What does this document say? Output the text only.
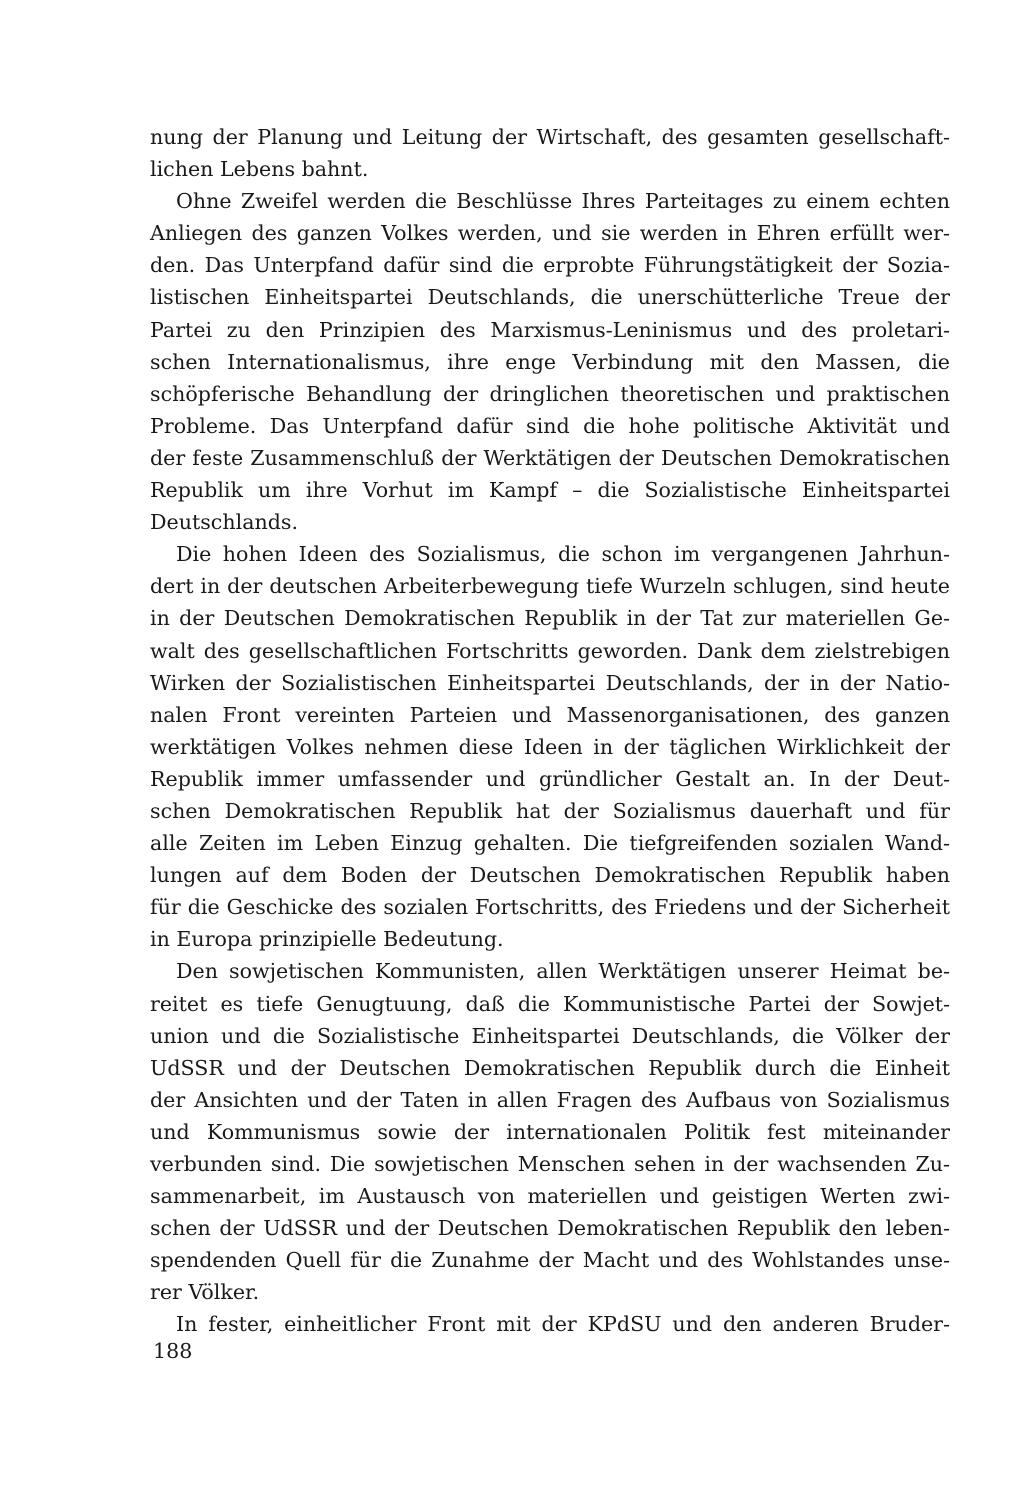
nung der Planung und Leitung der Wirtschaft, des gesamten gesellschaft-
lichen Lebens bahnt.
Ohne Zweifel werden die Beschlüsse Ihres Parteitages zu einem echten
Anliegen des ganzen Volkes werden, und sie werden in Ehren erfüllt wer-
den. Das Unterpfand dafür sind die erprobte Führungstätigkeit der Sozia-
listischen Einheitspartei Deutschlands, die unerschütterliche Treue der
Partei zu den Prinzipien des Marxismus-Leninismus und des proletari-
schen Internationalismus, ihre enge Verbindung mit den Massen, die
schöpferische Behandlung der dringlichen theoretischen und praktischen
Probleme. Das Unterpfand dafür sind die hohe politische Aktivität und
der feste Zusammenschluß der Werktätigen der Deutschen Demokratischen
Republik um ihre Vorhut im Kampf – die Sozialistische Einheitspartei
Deutschlands.
Die hohen Ideen des Sozialismus, die schon im vergangenen Jahrhun-
dert in der deutschen Arbeiterbewegung tiefe Wurzeln schlugen, sind heute
in der Deutschen Demokratischen Republik in der Tat zur materiellen Ge-
walt des gesellschaftlichen Fortschritts geworden. Dank dem zielstrebigen
Wirken der Sozialistischen Einheitspartei Deutschlands, der in der Natio-
nalen Front vereinten Parteien und Massenorganisationen, des ganzen
werktätigen Volkes nehmen diese Ideen in der täglichen Wirklichkeit der
Republik immer umfassender und gründlicher Gestalt an. In der Deut-
schen Demokratischen Republik hat der Sozialismus dauerhaft und für
alle Zeiten im Leben Einzug gehalten. Die tiefgreifenden sozialen Wand-
lungen auf dem Boden der Deutschen Demokratischen Republik haben
für die Geschicke des sozialen Fortschritts, des Friedens und der Sicherheit
in Europa prinzipielle Bedeutung.
Den sowjetischen Kommunisten, allen Werktätigen unserer Heimat be-
reitet es tiefe Genugtuung, daß die Kommunistische Partei der Sowjet-
union und die Sozialistische Einheitspartei Deutschlands, die Völker der
UdSSR und der Deutschen Demokratischen Republik durch die Einheit
der Ansichten und der Taten in allen Fragen des Aufbaus von Sozialismus
und Kommunismus sowie der internationalen Politik fest miteinander
verbunden sind. Die sowjetischen Menschen sehen in der wachsenden Zu-
sammenarbeit, im Austausch von materiellen und geistigen Werten zwi-
schen der UdSSR und der Deutschen Demokratischen Republik den leben-
spendenden Quell für die Zunahme der Macht und des Wohlstandes unse-
rer Völker.
In fester, einheitlicher Front mit der KPdSU und den anderen Bruder-
188
